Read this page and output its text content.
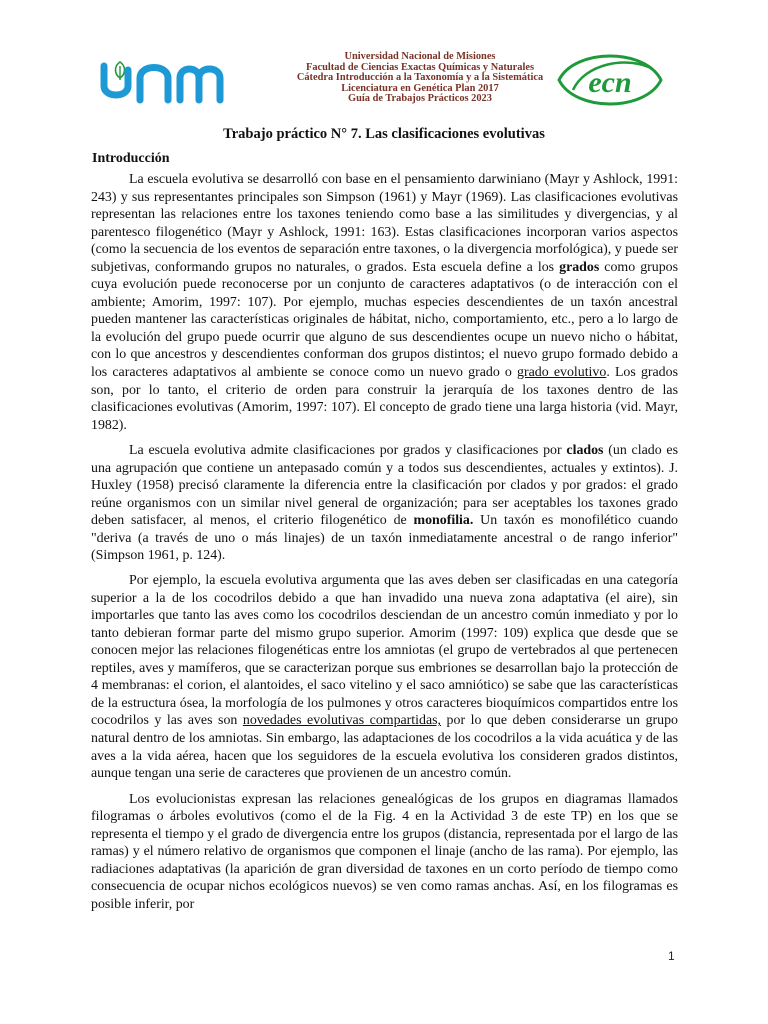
Universidad Nacional de Misiones
Facultad de Ciencias Exactas Químicas y Naturales
Cátedra Introducción a la Taxonomía y a la Sistemática
Licenciatura en Genética Plan 2017
Guía de Trabajos Prácticos 2023	ecn
Trabajo práctico N° 7. Las clasificaciones evolutivas
Introducción

La escuela evolutiva se desarrolló con base en el pensamiento darwiniano (Mayr y Ashlock, 1991: 243) y sus representantes principales son Simpson (1961) y Mayr (1969). Las clasificaciones evolutivas representan las relaciones entre los taxones teniendo como base a las similitudes y divergencias, y al parentesco filogenético (Mayr y Ashlock, 1991: 163). Estas clasificaciones incorporan varios aspectos (como la secuencia de los eventos de separación entre taxones, o la divergencia morfológica), y puede ser subjetivas, conformando grupos no naturales, o grados. Esta escuela define a los grados como grupos cuya evolución puede reconocerse por un conjunto de caracteres adaptativos (o de interacción con el ambiente; Amorim, 1997: 107). Por ejemplo, muchas especies descendientes de un taxón ancestral pueden mantener las características originales de hábitat, nicho, comportamiento, etc., pero a lo largo de la evolución del grupo puede ocurrir que alguno de sus descendientes ocupe un nuevo nicho o hábitat, con lo que ancestros y descendientes conforman dos grupos distintos; el nuevo grupo formado debido a los caracteres adaptativos al ambiente se conoce como un nuevo grado o grado evolutivo. Los grados son, por lo tanto, el criterio de orden para construir la jerarquía de los taxones dentro de las clasificaciones evolutivas (Amorim, 1997: 107). El concepto de grado tiene una larga historia (vid. Mayr, 1982).

La escuela evolutiva admite clasificaciones por grados y clasificaciones por clados (un clado es una agrupación que contiene un antepasado común y a todos sus descendientes, actuales y extintos). J. Huxley (1958) precisó claramente la diferencia entre la clasificación por clados y por grados: el grado reúne organismos con un similar nivel general de organización; para ser aceptables los taxones grado deben satisfacer, al menos, el criterio filogenético de monofilia. Un taxón es monofilético cuando "deriva (a través de uno o más linajes) de un taxón inmediatamente ancestral o de rango inferior" (Simpson 1961, p. 124).

Por ejemplo, la escuela evolutiva argumenta que las aves deben ser clasificadas en una categoría superior a la de los cocodrilos debido a que han invadido una nueva zona adaptativa (el aire), sin importarles que tanto las aves como los cocodrilos desciendan de un ancestro común inmediato y por lo tanto debieran formar parte del mismo grupo superior. Amorim (1997: 109) explica que desde que se conocen mejor las relaciones filogenéticas entre los amniotas (el grupo de vertebrados al que pertenecen reptiles, aves y mamíferos, que se caracterizan porque sus embriones se desarrollan bajo la protección de 4 membranas: el corion, el alantoides, el saco vitelino y el saco amniótico) se sabe que las características de la estructura ósea, la morfología de los pulmones y otros caracteres bioquímicos compartidos entre los cocodrilos y las aves son novedades evolutivas compartidas, por lo que deben considerarse un grupo natural dentro de los amniotas. Sin embargo, las adaptaciones de los cocodrilos a la vida acuática y de las aves a la vida aérea, hacen que los seguidores de la escuela evolutiva los consideren grados distintos, aunque tengan una serie de caracteres que provienen de un ancestro común.

Los evolucionistas expresan las relaciones genealógicas de los grupos en diagramas llamados filogramas o árboles evolutivos (como el de la Fig. 4 en la Actividad 3 de este TP) en los que se representa el tiempo y el grado de divergencia entre los grupos (distancia, representada por el largo de las ramas) y el número relativo de organismos que componen el linaje (ancho de las rama). Por ejemplo, las radiaciones adaptativas (la aparición de gran diversidad de taxones en un corto período de tiempo como consecuencia de ocupar nichos ecológicos nuevos) se ven como ramas anchas. Así, en los filogramas es posible inferir, por

1
